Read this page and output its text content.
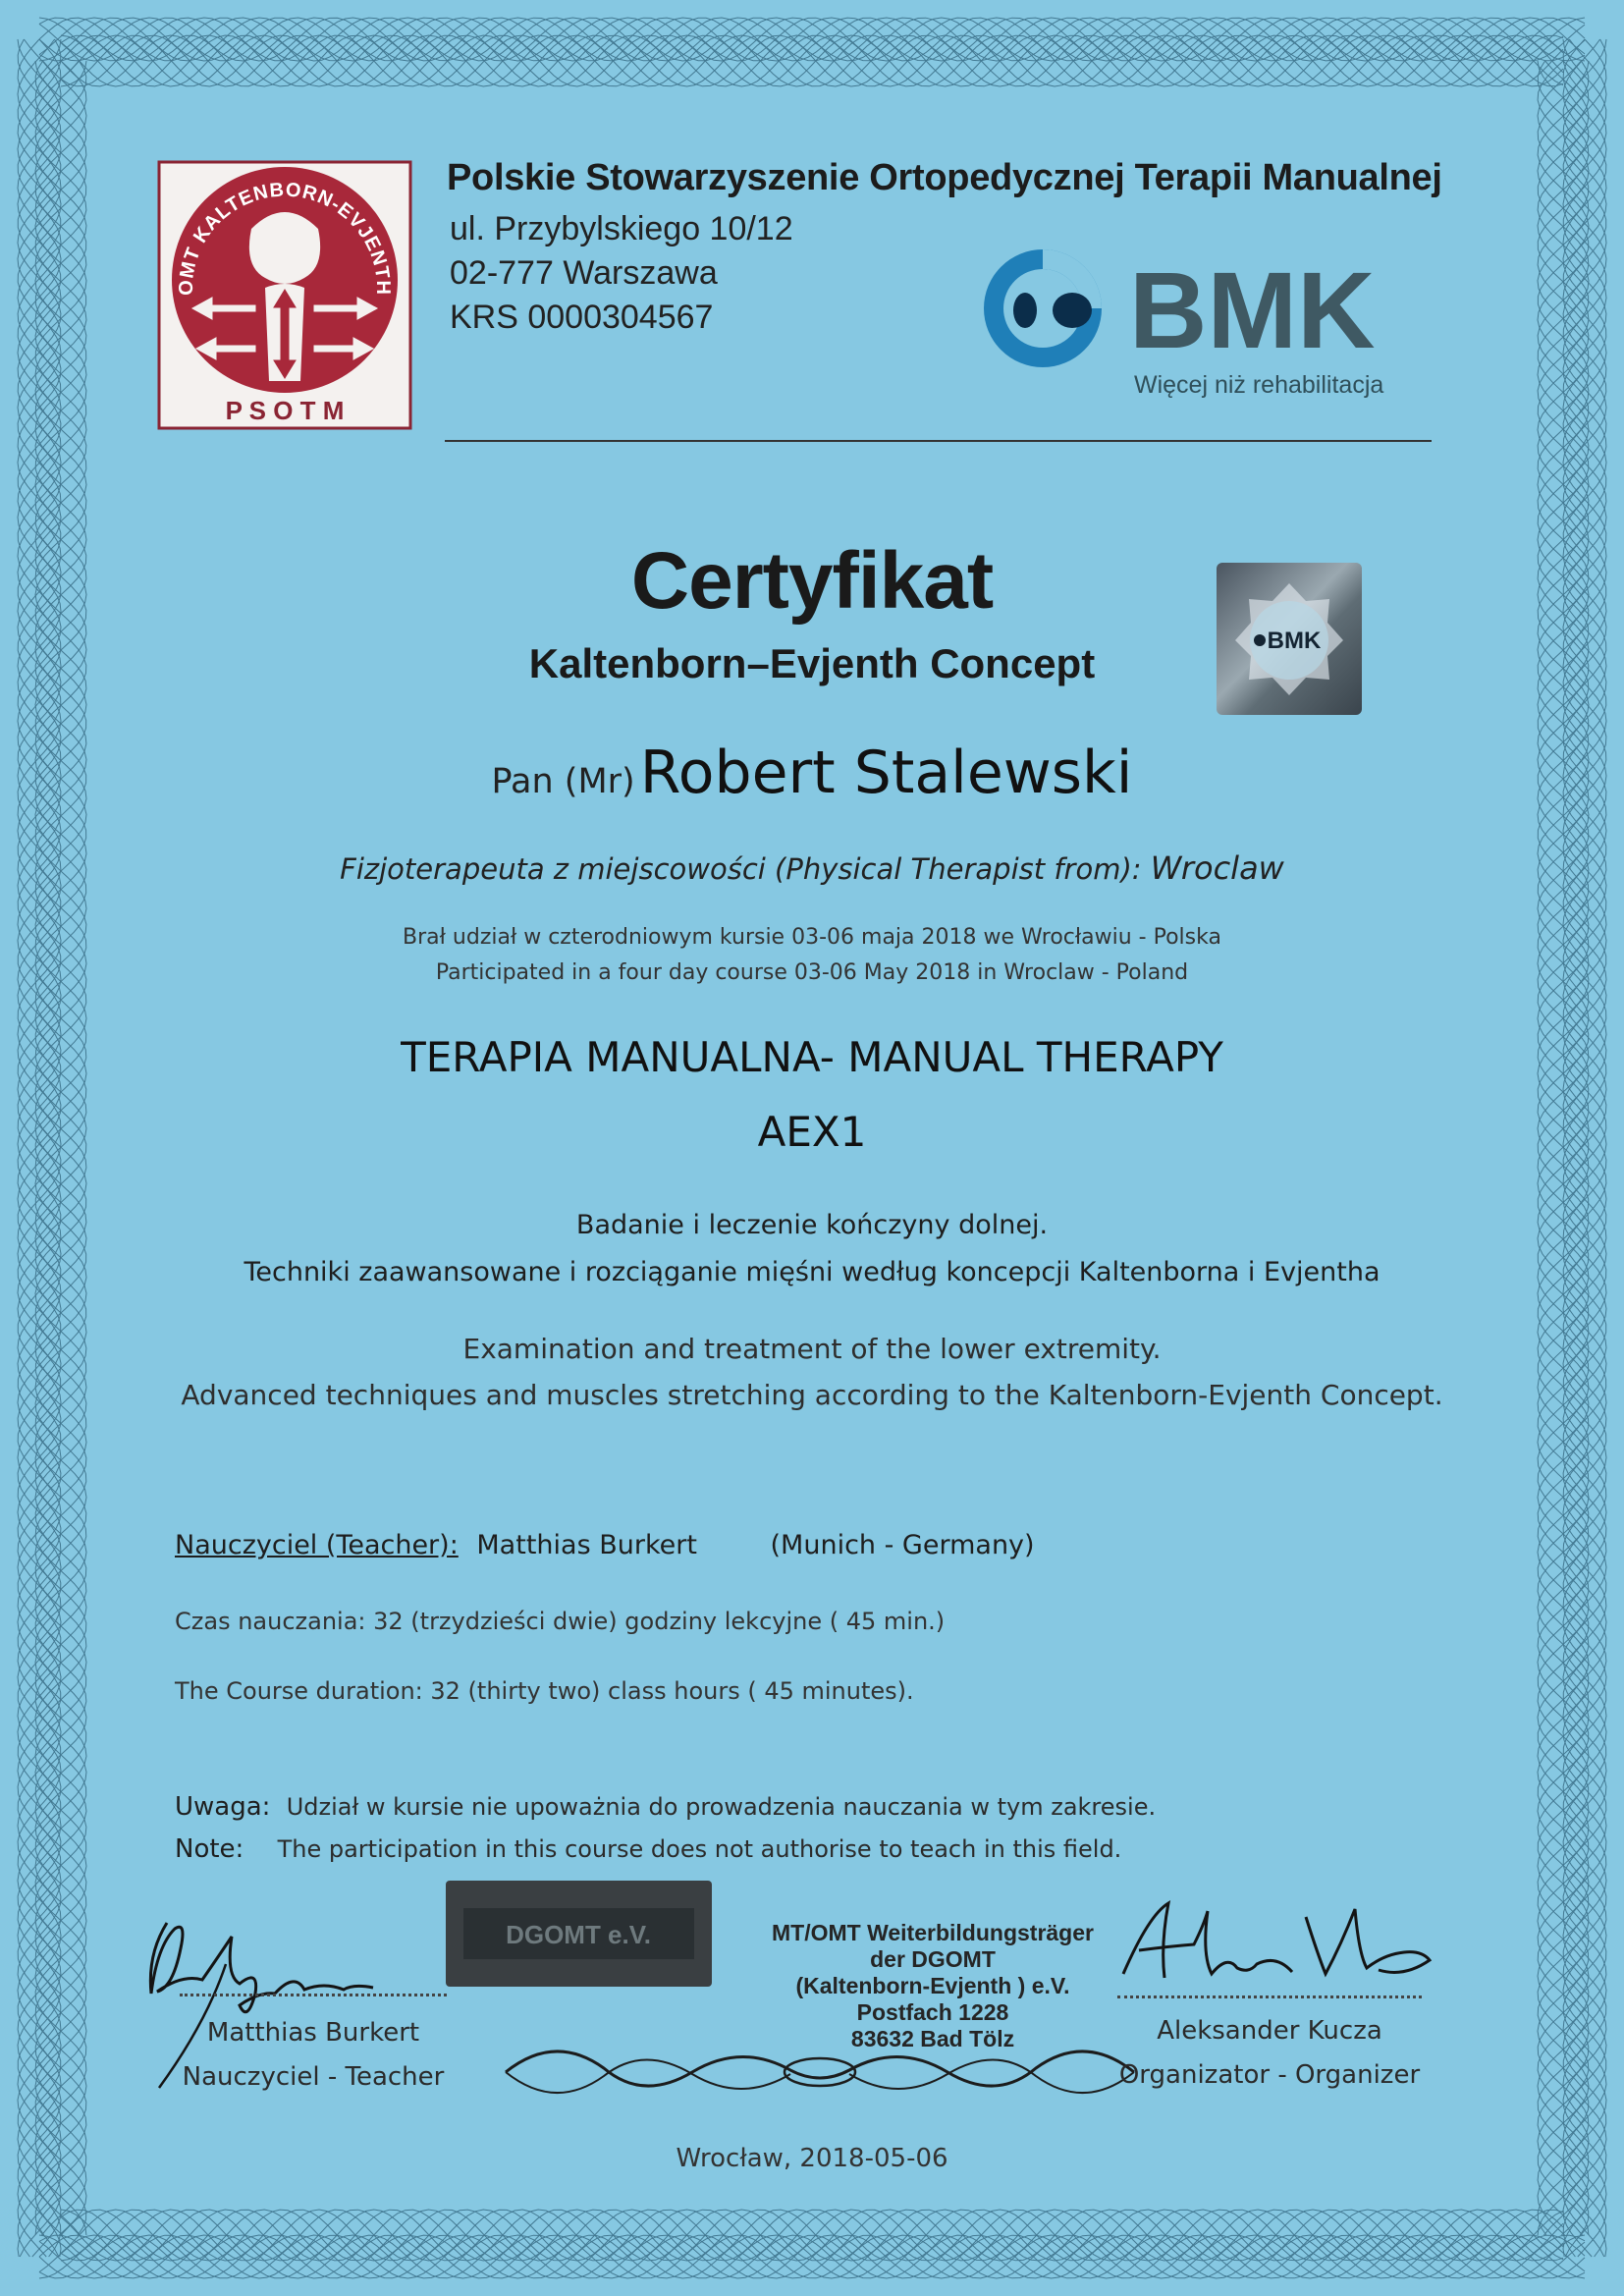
OMT KALTENBORN-EVJENTH
P S O T M
Polskie Stowarzyszenie Ortopedycznej Terapii Manualnej
ul. Przybylskiego 10/12
02-777 Warszawa
KRS 0000304567	BMK
Więcej niż rehabilitacja
BMK
Certyfikat
Kaltenborn–Evjenth Concept
Pan (Mr) Robert Stalewski
Fizjoterapeuta z miejscowości (Physical Therapist from): Wroclaw
Brał udział w czterodniowym kursie 03-06 maja 2018 we Wrocławiu - Polska
Participated in a four day course 03-06 May 2018 in Wroclaw - Poland
TERAPIA MANUALNA- MANUAL THERAPY
AEX1
Badanie i leczenie kończyny dolnej.
Techniki zaawansowane i rozciąganie mięśni według koncepcji Kaltenborna i Evjentha
Examination and treatment of the lower extremity.
Advanced techniques and muscles stretching according to the Kaltenborn-Evjenth Concept.
Nauczyciel (Teacher): Matthias Burkert	(Munich - Germany)
Czas nauczania: 32 (trzydzieści dwie) godziny lekcyjne ( 45 min.)
The Course duration: 32 (thirty two) class hours ( 45 minutes).
Uwaga: Udział w kursie nie upoważnia do prowadzenia nauczania w tym zakresie.
Note: The participation in this course does not authorise to teach in this field.
Matthias Burkert
Nauczyciel - Teacher
DGOMT e.V.	MT/OMT Weiterbildungsträger
der DGOMT
(Kaltenborn-Evjenth ) e.V.
Postfach 1228
83632 Bad Tölz	Aleksander Kucza
Organizator - Organizer
Wrocław, 2018-05-06
